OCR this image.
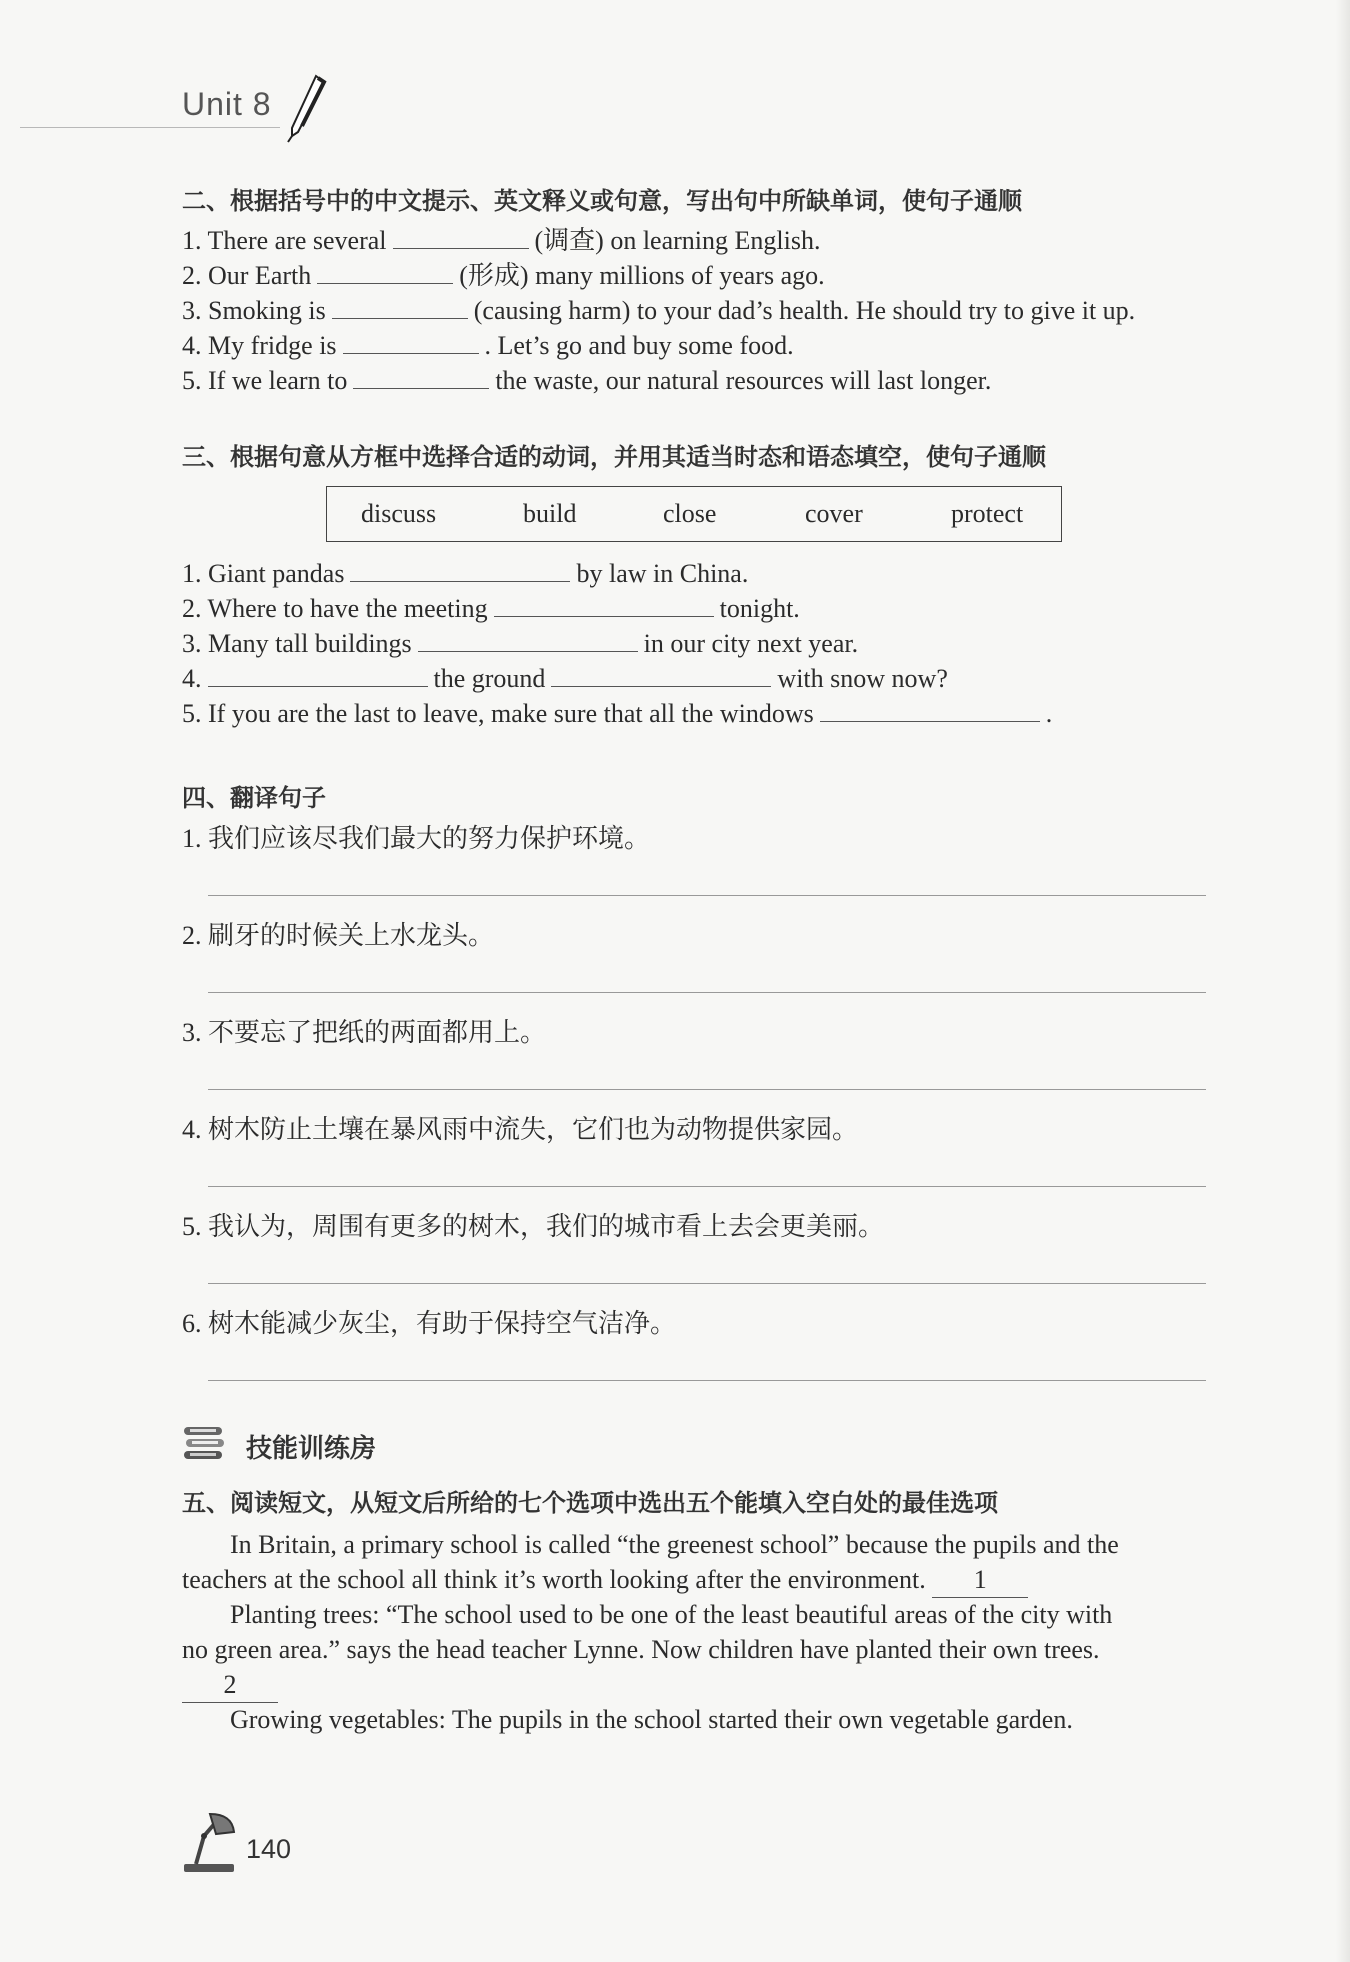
Unit 8
二、根据括号中的中文提示、英文释义或句意，写出句中所缺单词，使句子通顺
1. There are several	(调查) on learning English.
2. Our Earth	(形成) many millions of years ago.
3. Smoking is	(causing harm) to your dad’s health. He should try to give it up.
4. My fridge is	. Let’s go and buy some food.
5. If we learn to	the waste, our natural resources will last longer.
三、根据句意从方框中选择合适的动词，并用其适当时态和语态填空，使句子通顺
discuss	build	close	cover	protect
1. Giant pandas	by law in China.
2. Where to have the meeting	tonight.
3. Many tall buildings	in our city next year.
4.	the ground	with snow now?
5. If you are the last to leave, make sure that all the windows	.
四、翻译句子
1. 我们应该尽我们最大的努力保护环境。
2. 刷牙的时候关上水龙头。
3. 不要忘了把纸的两面都用上。
4. 树木防止土壤在暴风雨中流失，它们也为动物提供家园。
5. 我认为，周围有更多的树木，我们的城市看上去会更美丽。
6. 树木能减少灰尘，有助于保持空气洁净。
技能训练房
五、阅读短文，从短文后所给的七个选项中选出五个能填入空白处的最佳选项
In Britain, a primary school is called “the greenest school” because the pupils and the
teachers at the school all think it’s worth looking after the environment. 1
Planting trees: “The school used to be one of the least beautiful areas of the city with
no green area.” says the head teacher Lynne. Now children have planted their own trees.
2
Growing vegetables: The pupils in the school started their own vegetable garden.
140
